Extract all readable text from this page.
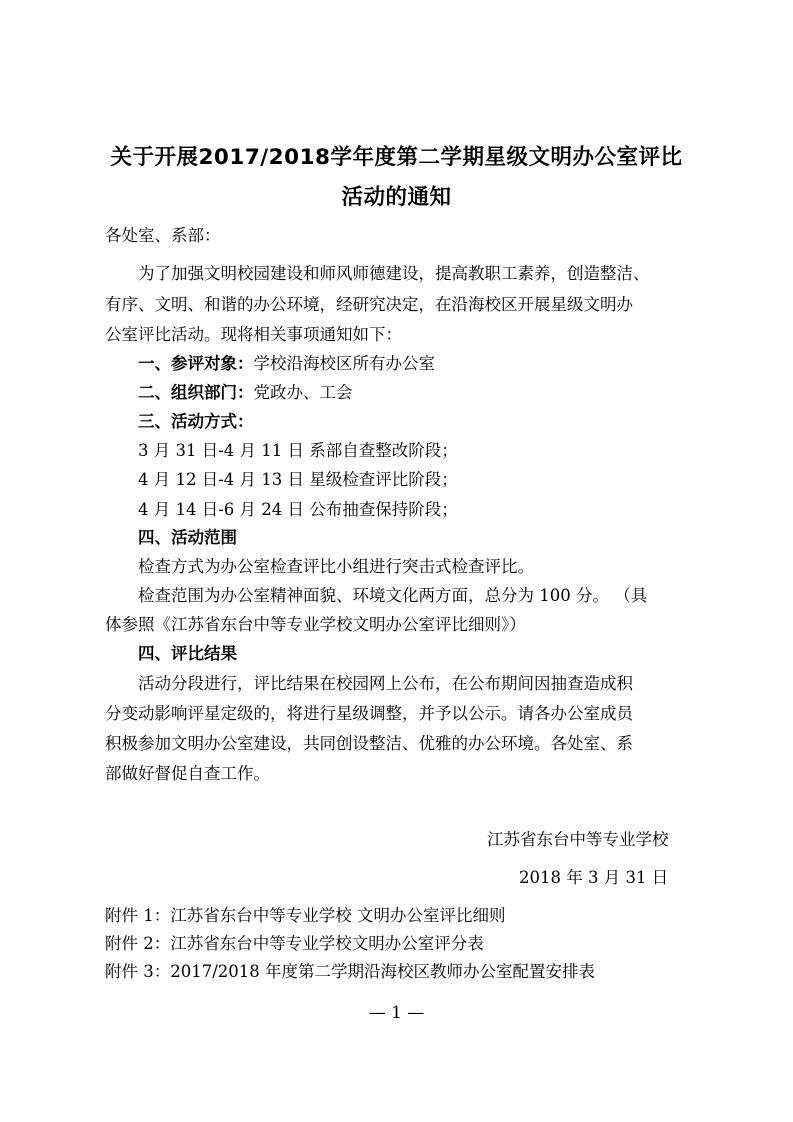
关于开展2017/2018学年度第二学期星级文明办公室评比
活动的通知
各处室、系部：
为了加强文明校园建设和师风师德建设，提高教职工素养，创造整洁、
有序、文明、和谐的办公环境，经研究决定，在沿海校区开展星级文明办
公室评比活动。现将相关事项通知如下：
一、参评对象：学校沿海校区所有办公室
二、组织部门：党政办、工会
三、活动方式：
3 月 31 日-4 月 11 日 系部自查整改阶段；
4 月 12 日-4 月 13 日 星级检查评比阶段；
4 月 14 日-6 月 24 日 公布抽查保持阶段；
四、活动范围
检查方式为办公室检查评比小组进行突击式检查评比。
检查范围为办公室精神面貌、环境文化两方面，总分为 100 分。 （具
体参照《江苏省东台中等专业学校文明办公室评比细则》）
四、评比结果
活动分段进行，评比结果在校园网上公布，在公布期间因抽查造成积
分变动影响评星定级的，将进行星级调整，并予以公示。请各办公室成员
积极参加文明办公室建设，共同创设整洁、优雅的办公环境。各处室、系
部做好督促自查工作。
江苏省东台中等专业学校
2018 年 3 月 31 日
附件 1：江苏省东台中等专业学校 文明办公室评比细则
附件 2：江苏省东台中等专业学校文明办公室评分表
附件 3：2017/2018 年度第二学期沿海校区教师办公室配置安排表
— 1 —
